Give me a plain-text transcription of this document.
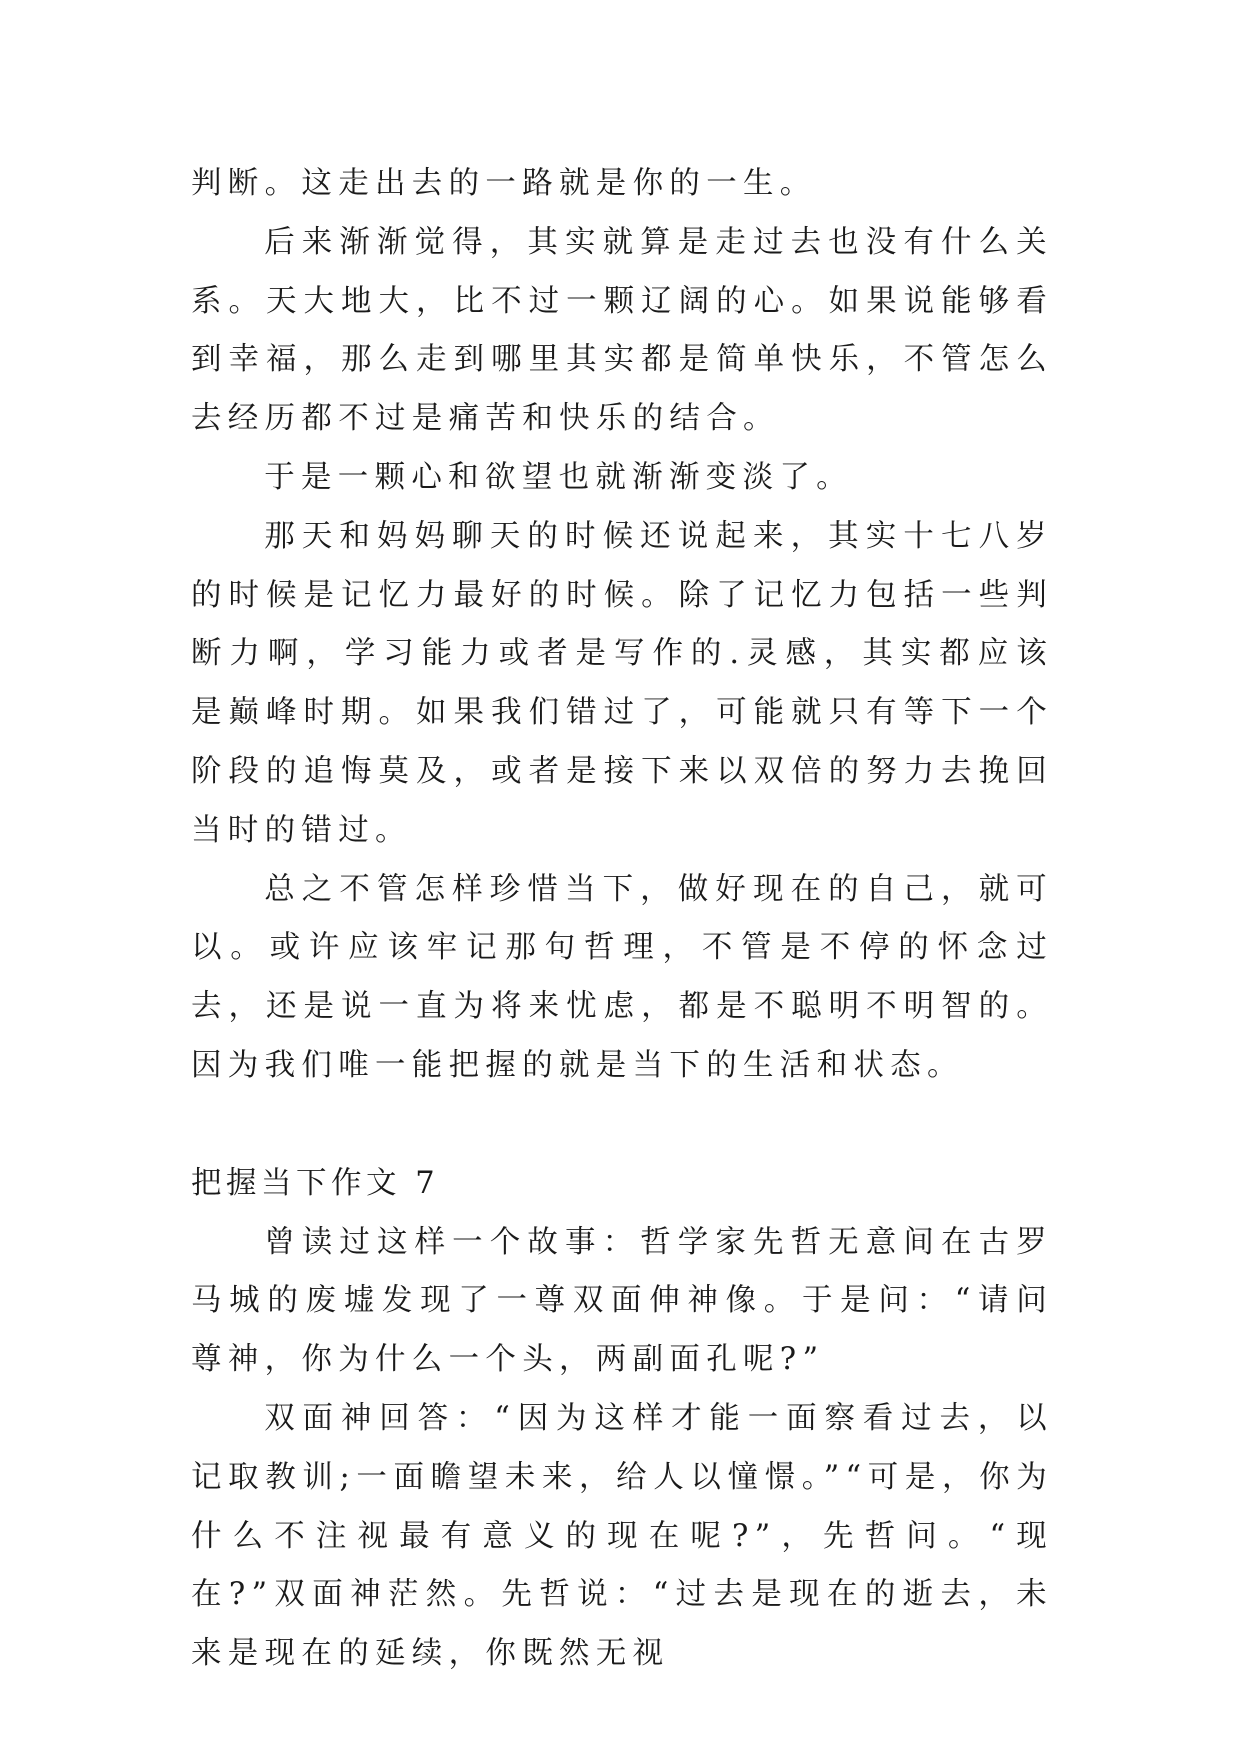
判断。这走出去的一路就是你的一生。

后来渐渐觉得，其实就算是走过去也没有什么关系。天大地大，比不过一颗辽阔的心。如果说能够看到幸福，那么走到哪里其实都是简单快乐，不管怎么去经历都不过是痛苦和快乐的结合。

于是一颗心和欲望也就渐渐变淡了。

那天和妈妈聊天的时候还说起来，其实十七八岁的时候是记忆力最好的时候。除了记忆力包括一些判断力啊，学习能力或者是写作的.灵感，其实都应该是巅峰时期。如果我们错过了，可能就只有等下一个阶段的追悔莫及，或者是接下来以双倍的努力去挽回当时的错过。

总之不管怎样珍惜当下，做好现在的自己，就可以。或许应该牢记那句哲理，不管是不停的怀念过去，还是说一直为将来忧虑，都是不聪明不明智的。因为我们唯一能把握的就是当下的生活和状态。

把握当下作文 7

曾读过这样一个故事：哲学家先哲无意间在古罗马城的废墟发现了一尊双面伸神像。于是问：“请问尊神，你为什么一个头，两副面孔呢?”

双面神回答：“因为这样才能一面察看过去，以记取教训;一面瞻望未来，给人以憧憬。”“可是，你为什么不注视最有意义的现在呢?”，先哲问。“现在?”双面神茫然。先哲说：“过去是现在的逝去，未来是现在的延续，你既然无视
